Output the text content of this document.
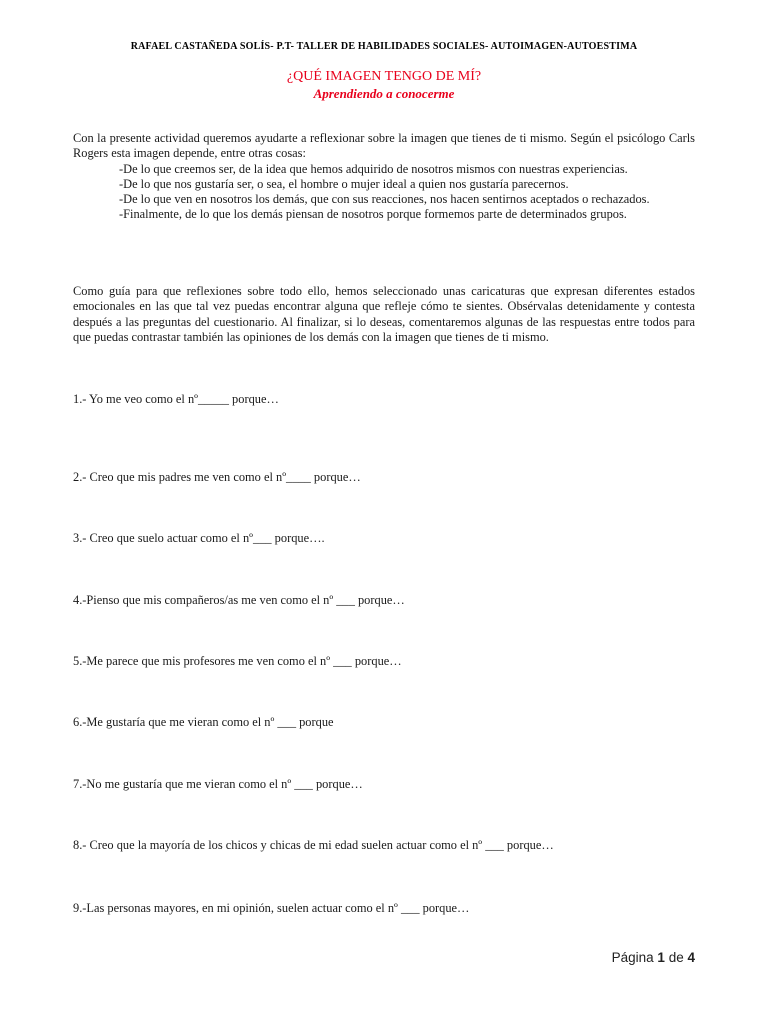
RAFAEL CASTAÑEDA SOLÍS- P.T- TALLER DE HABILIDADES SOCIALES- AUTOIMAGEN-AUTOESTIMA
¿QUÉ IMAGEN TENGO DE MÍ?
Aprendiendo a conocerme
Con la presente actividad queremos ayudarte a reflexionar sobre la imagen que tienes de ti mismo. Según el psicólogo Carls Rogers esta imagen depende, entre otras cosas:
-De lo que creemos ser, de la idea que hemos adquirido de nosotros mismos con nuestras experiencias.
-De lo que nos gustaría ser, o sea, el hombre o mujer ideal a quien nos gustaría parecernos.
-De lo que ven en nosotros los demás, que con sus reacciones, nos hacen sentirnos aceptados o rechazados.
-Finalmente, de lo que los demás piensan de nosotros porque formemos parte de determinados grupos.
Como guía para que reflexiones sobre todo ello, hemos seleccionado unas caricaturas que expresan diferentes estados emocionales en las que tal vez puedas encontrar alguna que refleje cómo te sientes. Obsérvalas detenidamente y contesta después a las preguntas del cuestionario. Al finalizar, si lo deseas, comentaremos algunas de las respuestas entre todos para que puedas contrastar también las opiniones de los demás con la imagen que tienes de ti mismo.
1.- Yo me veo como el nº_____ porque…
2.- Creo que mis padres me ven como el nº____ porque…
3.- Creo que suelo actuar como el nº___ porque….
4.-Pienso que mis compañeros/as me ven como el nº ___ porque…
5.-Me parece que mis profesores me ven como el nº ___ porque…
6.-Me gustaría que me vieran como el nº ___ porque
7.-No me gustaría que me vieran como el nº ___ porque…
8.- Creo que la mayoría de los chicos y chicas de mi edad suelen actuar como el nº ___ porque…
9.-Las personas mayores, en mi opinión, suelen actuar como el nº ___ porque…
Página 1 de 4
